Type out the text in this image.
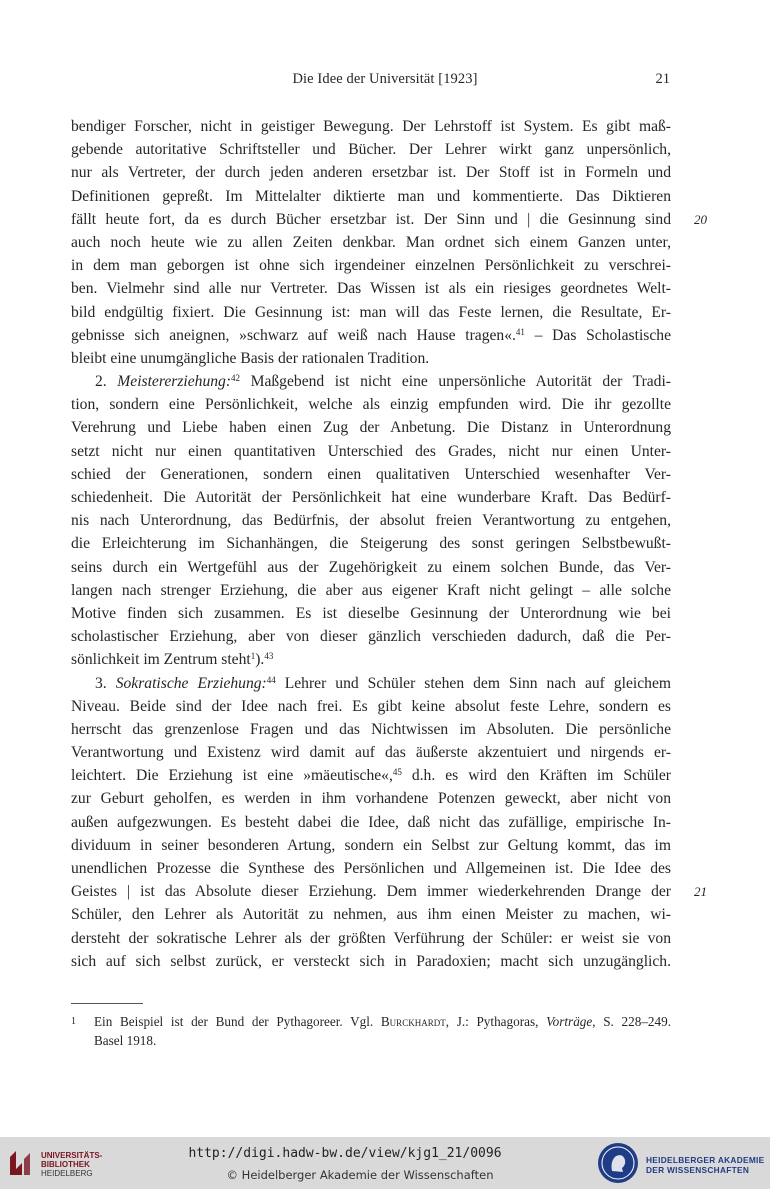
Die Idee der Universität [1923]	21
bendiger Forscher, nicht in geistiger Bewegung. Der Lehrstoff ist System. Es gibt maß-
gebende autoritative Schriftsteller und Bücher. Der Lehrer wirkt ganz unpersönlich,
nur als Vertreter, der durch jeden anderen ersetzbar ist. Der Stoff ist in Formeln und
Definitionen gepreßt. Im Mittelalter diktierte man und kommentierte. Das Diktieren
fällt heute fort, da es durch Bücher ersetzbar ist. Der Sinn und | die Gesinnung sind 20
auch noch heute wie zu allen Zeiten denkbar. Man ordnet sich einem Ganzen unter,
in dem man geborgen ist ohne sich irgendeiner einzelnen Persönlichkeit zu verschrei-
ben. Vielmehr sind alle nur Vertreter. Das Wissen ist als ein riesiges geordnetes Welt-
bild endgültig fixiert. Die Gesinnung ist: man will das Feste lernen, die Resultate, Er-
gebnisse sich aneignen, »schwarz auf weiß nach Hause tragen«.$^{41}$ – Das Scholastische
bleibt eine unumgängliche Basis der rationalen Tradition.
2. Meistererziehung:$^{42}$ Maßgebend ist nicht eine unpersönliche Autorität der Tradi-
tion, sondern eine Persönlichkeit, welche als einzig empfunden wird. Die ihr gezollte
Verehrung und Liebe haben einen Zug der Anbetung. Die Distanz in Unterordnung
setzt nicht nur einen quantitativen Unterschied des Grades, nicht nur einen Unter-
schied der Generationen, sondern einen qualitativen Unterschied wesenhafter Ver-
schiedenheit. Die Autorität der Persönlichkeit hat eine wunderbare Kraft. Das Bedürf-
nis nach Unterordnung, das Bedürfnis, der absolut freien Verantwortung zu entgehen,
die Erleichterung im Sichanhängen, die Steigerung des sonst geringen Selbstbewußt-
seins durch ein Wertgefühl aus der Zugehörigkeit zu einem solchen Bunde, das Ver-
langen nach strenger Erziehung, die aber aus eigener Kraft nicht gelingt – alle solche
Motive finden sich zusammen. Es ist dieselbe Gesinnung der Unterordnung wie bei
scholastischer Erziehung, aber von dieser gänzlich verschieden dadurch, daß die Per-
sönlichkeit im Zentrum steht$^1$).$^{43}$
3. Sokratische Erziehung:$^{44}$ Lehrer und Schüler stehen dem Sinn nach auf gleichem
Niveau. Beide sind der Idee nach frei. Es gibt keine absolut feste Lehre, sondern es
herrscht das grenzenlose Fragen und das Nichtwissen im Absoluten. Die persönliche
Verantwortung und Existenz wird damit auf das äußerste akzentuiert und nirgends er-
leichtert. Die Erziehung ist eine »mäeutische«,$^{45}$ d.h. es wird den Kräften im Schüler
zur Geburt geholfen, es werden in ihm vorhandene Potenzen geweckt, aber nicht von
außen aufgezwungen. Es besteht dabei die Idee, daß nicht das zufällige, empirische In-
dividuum in seiner besonderen Artung, sondern ein Selbst zur Geltung kommt, das im
unendlichen Prozesse die Synthese des Persönlichen und Allgemeinen ist. Die Idee des
Geistes | ist das Absolute dieser Erziehung. Dem immer wiederkehrenden Drange der 21
Schüler, den Lehrer als Autorität zu nehmen, aus ihm einen Meister zu machen, wi-
dersteht der sokratische Lehrer als der größten Verführung der Schüler: er weist sie von
sich auf sich selbst zurück, er versteckt sich in Paradoxien; macht sich unzugänglich.
1 Ein Beispiel ist der Bund der Pythagoreer. Vgl. Burckhardt, J.: Pythagoras, Vorträge, S. 228–249.
Basel 1918.
UNIVERSITÄTS-
BIBLIOTHEK
HEIDELBERG
http://digi.hadw-bw.de/view/kjg1_21/0096
© Heidelberger Akademie der Wissenschaften
HEIDELBERGER AKADEMIE
DER WISSENSCHAFTEN
